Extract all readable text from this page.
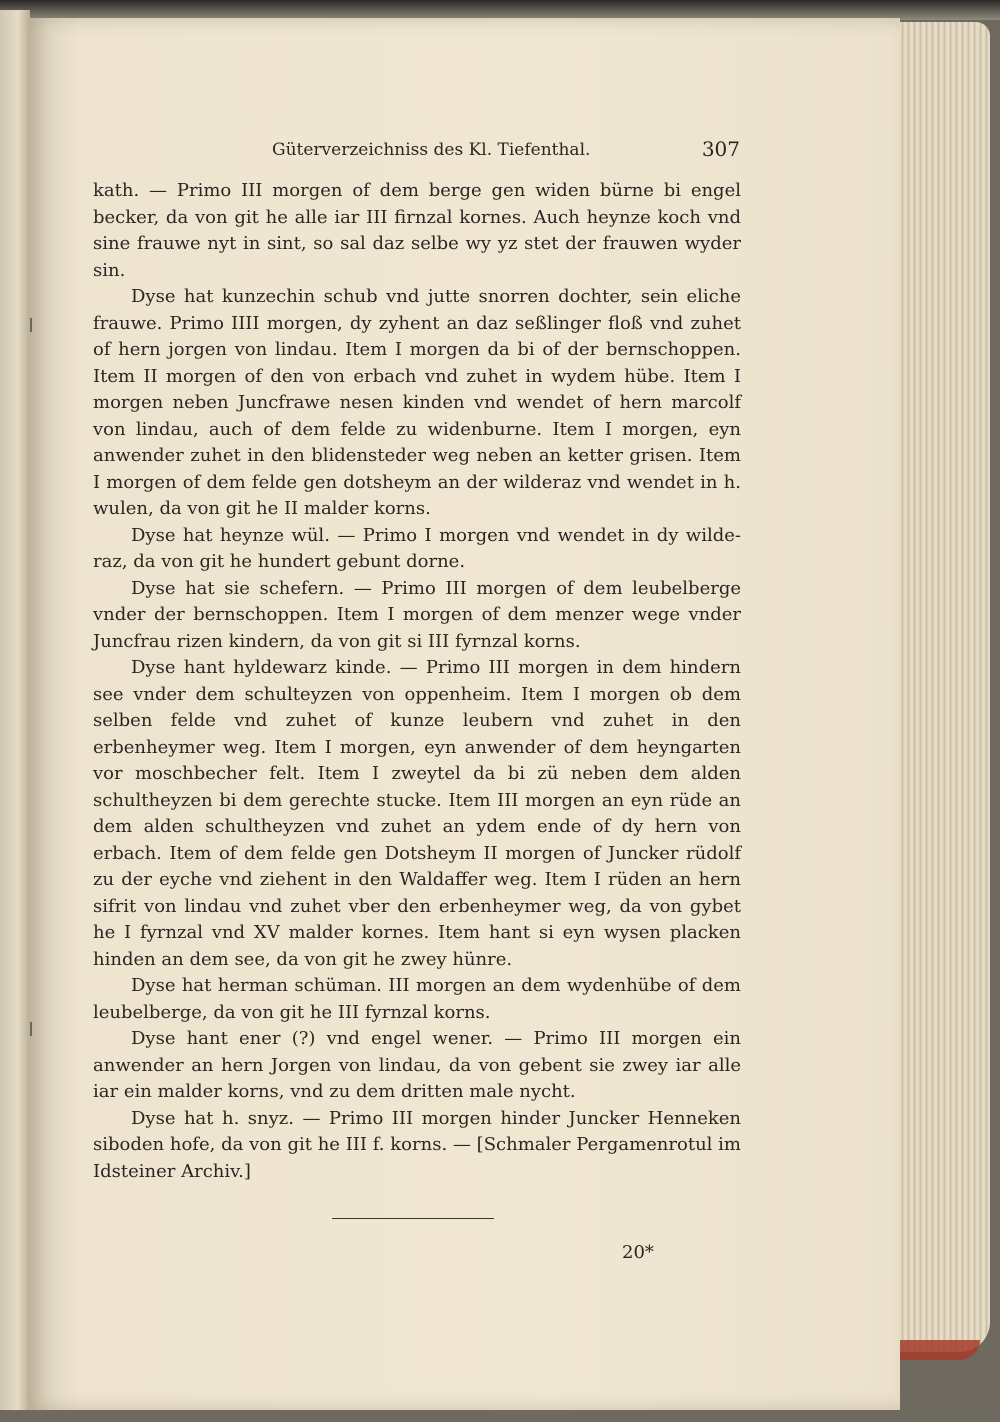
Güterverzeichniss des Kl. Tiefenthal.	307

kath. — Primo III morgen of dem berge gen widen bürne bi engel becker, da von git he alle iar III firnzal kornes. Auch heynze koch vnd sine frauwe nyt in sint, so sal daz selbe wy yz stet der frauwen wyder sin.

Dyse hat kunzechin schub vnd jutte snorren dochter, sein eliche frauwe. Primo IIII morgen, dy zyhent an daz seßlinger floß vnd zuhet of hern jorgen von lindau. Item I morgen da bi of der bernschoppen. Item II morgen of den von erbach vnd zuhet in wydem hübe. Item I morgen neben Juncfrawe nesen kinden vnd wendet of hern marcolf von lindau, auch of dem felde zu widenburne. Item I morgen, eyn anwender zuhet in den blidensteder weg neben an ketter grisen. Item I morgen of dem felde gen dotsheym an der wilderaz vnd wendet in h. wulen, da von git he II malder korns.

Dyse hat heynze wül. — Primo I morgen vnd wendet in dy wilde-raz, da von git he hundert gebunt dorne.

Dyse hat sie schefern. — Primo III morgen of dem leubelberge vnder der bernschoppen. Item I morgen of dem menzer wege vnder Juncfrau rizen kindern, da von git si III fyrnzal korns.

Dyse hant hyldewarz kinde. — Primo III morgen in dem hindern see vnder dem schulteyzen von oppenheim. Item I morgen ob dem selben felde vnd zuhet of kunze leubern vnd zuhet in den erbenheymer weg. Item I morgen, eyn anwender of dem heyngarten vor moschbecher felt. Item I zweytel da bi zü neben dem alden schultheyzen bi dem gerechte stucke. Item III morgen an eyn rüde an dem alden schultheyzen vnd zuhet an ydem ende of dy hern von erbach. Item of dem felde gen Dotsheym II morgen of Juncker rüdolf zu der eyche vnd ziehent in den Waldaffer weg. Item I rüden an hern sifrit von lindau vnd zuhet vber den erbenheymer weg, da von gybet he I fyrnzal vnd XV malder kornes. Item hant si eyn wysen placken hinden an dem see, da von git he zwey hünre.

Dyse hat herman schüman. III morgen an dem wydenhübe of dem leubelberge, da von git he III fyrnzal korns.

Dyse hant ener (?) vnd engel wener. — Primo III morgen ein anwender an hern Jorgen von lindau, da von gebent sie zwey iar alle iar ein malder korns, vnd zu dem dritten male nycht.

Dyse hat h. snyz. — Primo III morgen hinder Juncker Henneken siboden hofe, da von git he III f. korns. — [Schmaler Pergamenrotul im Idsteiner Archiv.]

20*
